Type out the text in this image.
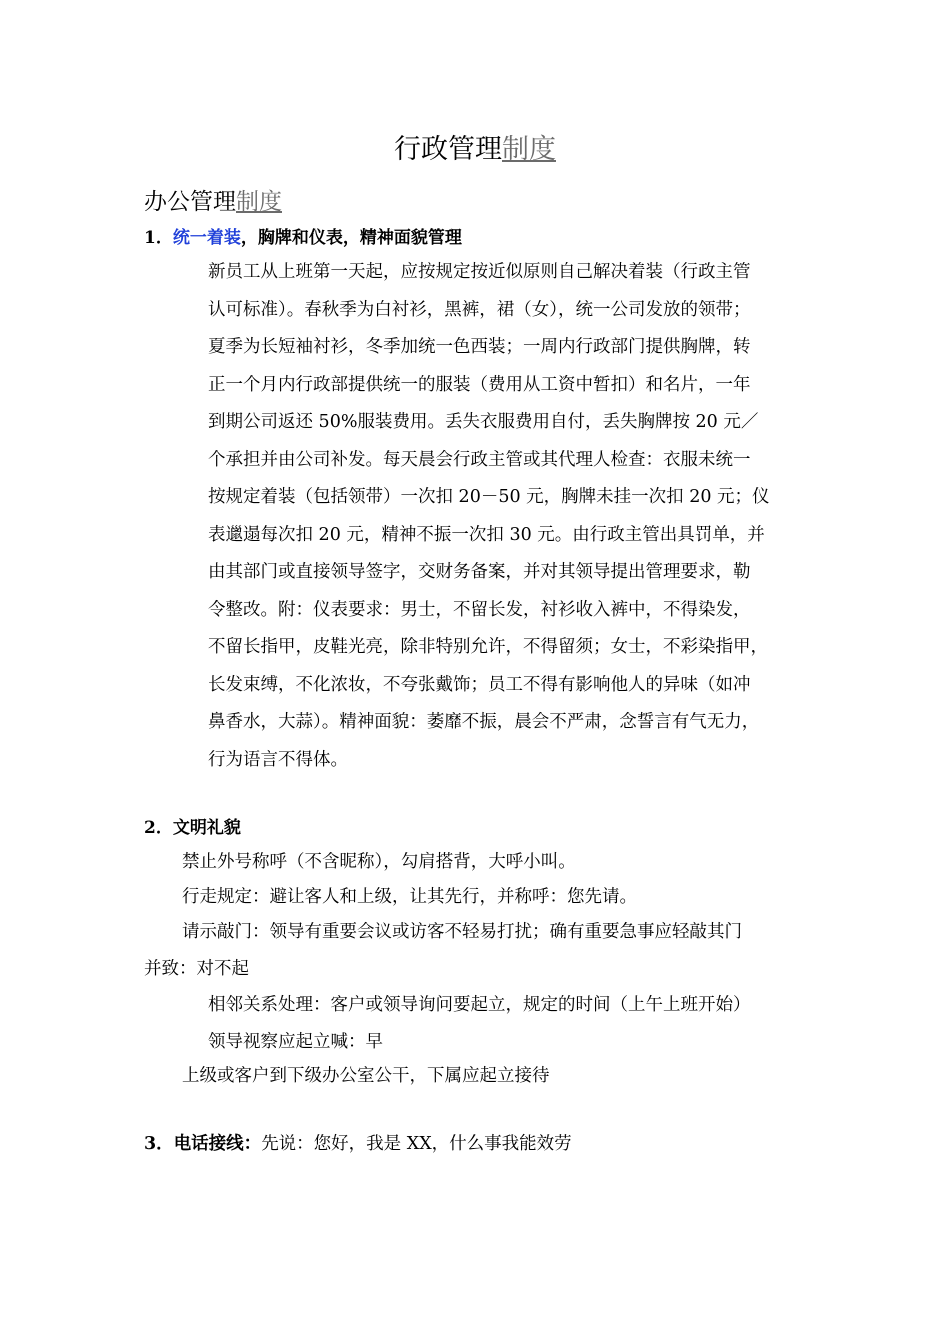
行政管理制度
办公管理制度
1．统一着装，胸牌和仪表，精神面貌管理
新员工从上班第一天起，应按规定按近似原则自己解决着装（行政主管
认可标准）。春秋季为白衬衫，黑裤，裙（女），统一公司发放的领带；
夏季为长短袖衬衫，冬季加统一色西装；一周内行政部门提供胸牌，转
正一个月内行政部提供统一的服装（费用从工资中暂扣）和名片，一年
到期公司返还 50%服装费用。丢失衣服费用自付，丢失胸牌按 20 元／
个承担并由公司补发。每天晨会行政主管或其代理人检查：衣服未统一
按规定着装（包括领带）一次扣 20－50 元，胸牌未挂一次扣 20 元；仪
表邋遢每次扣 20 元，精神不振一次扣 30 元。由行政主管出具罚单，并
由其部门或直接领导签字，交财务备案，并对其领导提出管理要求，勒
令整改。附：仪表要求：男士，不留长发，衬衫收入裤中，不得染发，
不留长指甲，皮鞋光亮，除非特别允许，不得留须；女士，不彩染指甲，
长发束缚，不化浓妆，不夸张戴饰；员工不得有影响他人的异味（如冲
鼻香水，大蒜）。精神面貌：萎靡不振，晨会不严肃，念誓言有气无力，
行为语言不得体。
2．文明礼貌
禁止外号称呼（不含昵称），勾肩搭背，大呼小叫。
行走规定：避让客人和上级，让其先行，并称呼：您先请。
请示敲门：领导有重要会议或访客不轻易打扰；确有重要急事应轻敲其门
并致：对不起
相邻关系处理：客户或领导询问要起立，规定的时间（上午上班开始）
领导视察应起立喊：早
上级或客户到下级办公室公干，下属应起立接待
3．电话接线：先说：您好，我是 XX，什么事我能效劳
